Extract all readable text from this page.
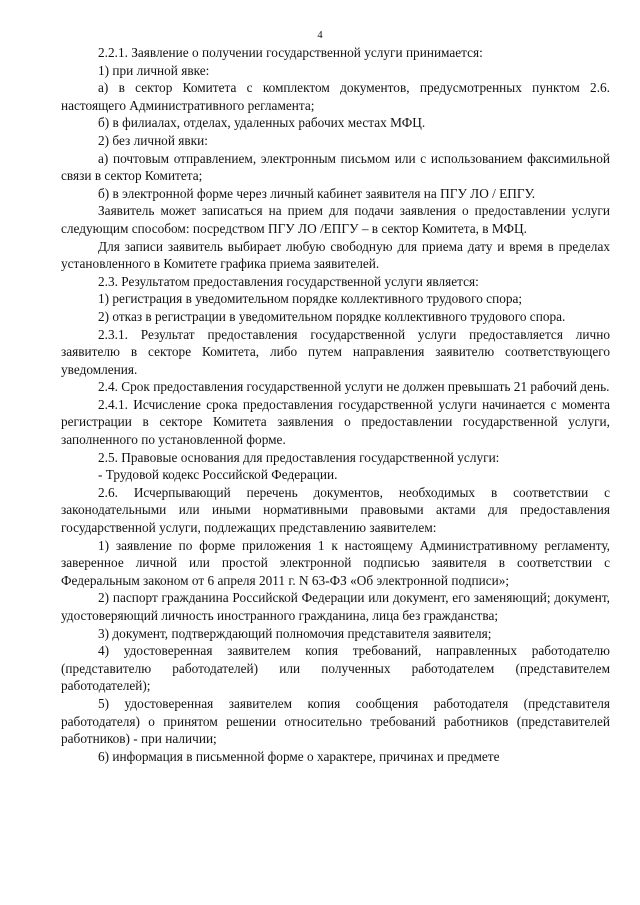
4

2.2.1. Заявление о получении государственной услуги принимается:

1) при личной явке:

а) в сектор Комитета с комплектом документов, предусмотренных пунктом 2.6. настоящего Административного регламента;

б) в филиалах, отделах, удаленных рабочих местах МФЦ.

2) без личной явки:

а) почтовым отправлением, электронным письмом или с использованием факсимильной связи в сектор Комитета;

б) в электронной форме через личный кабинет заявителя на ПГУ ЛО / ЕПГУ.

Заявитель может записаться на прием для подачи заявления о предоставлении услуги следующим способом: посредством ПГУ ЛО /ЕПГУ – в сектор Комитета, в МФЦ.

Для записи заявитель выбирает любую свободную для приема дату и время в пределах установленного в Комитете графика приема заявителей.

2.3. Результатом предоставления государственной услуги является:

1) регистрация в уведомительном порядке коллективного трудового спора;

2) отказ в регистрации в уведомительном порядке коллективного трудового спора.

2.3.1. Результат предоставления государственной услуги предоставляется лично заявителю в секторе Комитета, либо путем направления заявителю соответствующего уведомления.

2.4. Срок предоставления государственной услуги не должен превышать 21 рабочий день.

2.4.1. Исчисление срока предоставления государственной услуги начинается с момента регистрации в секторе Комитета заявления о предоставлении государственной услуги, заполненного по установленной форме.

2.5. Правовые основания для предоставления государственной услуги:

- Трудовой кодекс Российской Федерации.

2.6. Исчерпывающий перечень документов, необходимых в соответствии с законодательными или иными нормативными правовыми актами для предоставления государственной услуги, подлежащих представлению заявителем:

1) заявление по форме приложения 1 к настоящему Административному регламенту, заверенное личной или простой электронной подписью заявителя в соответствии с Федеральным законом от 6 апреля 2011 г. N 63-ФЗ «Об электронной подписи»;

2) паспорт гражданина Российской Федерации или документ, его заменяющий; документ, удостоверяющий личность иностранного гражданина, лица без гражданства;

3) документ, подтверждающий полномочия представителя заявителя;

4) удостоверенная заявителем копия требований, направленных работодателю (представителю работодателей) или полученных работодателем (представителем работодателей);

5) удостоверенная заявителем копия сообщения работодателя (представителя работодателя) о принятом решении относительно требований работников (представителей работников) - при наличии;

6) информация в письменной форме о характере, причинах и предмете
